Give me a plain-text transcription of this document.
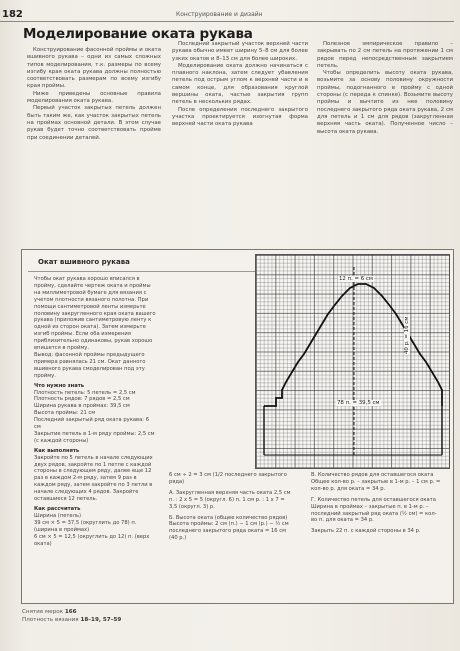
182	Конструирование и дизайн
Моделирование оката рукава

Конструирование фасонной проймы и оката вшивного рукава – одни из самых сложных типов моделирования, т.к. размеры по всему изгибу края оката рукава должны полностью соответствовать размерам по всему изгибу края проймы.

Ниже приведены основные правила моделирования оката рукава.

Первый участок закрытых петель должен быть таким же, как участок закрытых петель на проймах основной детали. В этом случае рукав будет точно соответствовать пройме при соединении деталей.

Последний закрытый участок верхней части рукава обычно имеет ширину 5–8 см для более узких окатов и 8–13 см для более широких.

Моделирование оката должно начинаться с плавного наклона, затем следует убавления петель под острым углом к верхней части и в самом конце, для образования круглой вершины оката, частые закрытия групп петель в нескольких рядах.

После определения последнего закрытого участка проектируется изогнутая форма верхней части оката рукава

Полезное эмпирическое правило – закрывать по 2 см петель на протяжении 1 см рядов перед непосредственным закрытием петель.

Чтобы определить высоту оката рукава, возьмите за основу половину окружности проймы, подогнанного в пройму с одной стороны (с переда к спинке). Возьмите высоту проймы и вычтите из нее половину последнего закрытого ряда оката рукава, 2 см для петель и 1 см для рядов (закругленная верхняя часть оката). Полученное число – высота оката рукава.

Окат вшивного рукава

Чтобы окат рукава хорошо вписался в пройму, сделайте чертеж оката и проймы на миллиметровой бумаге для вязания с учетом плотности вязаного полотна. При помощи сантиметровой ленты измерьте половину закругленного края оката вашего рукава (приложив сантиметровую ленту к одной из сторон оката). Затем измерьте изгиб проймы. Если оба измерения приблизительно одинаковы, рукав хорошо впишется в пройму.

Вывод: фасонной проймы предыдущего примера равнялась 21 см. Окат данного вшивного рукава смоделирован под эту пройму.

Что нужно знать

Плотность петель: 5 петель = 2,5 см

Плотность рядов: 7 рядов = 2,5 см

Ширина рукава в проймах: 39,5 см

Высота проймы: 21 см

Последний закрытый ряд оката рукава: 6 см

Закрытие петель в 1-м ряду проймы: 2,5 см (с каждой стороны)

Как выполнять

Закройте по 5 петель в начале следующих двух рядов, закройте по 1 петле с каждой стороны в следующем ряду, далее еще 12 раз в каждом 2-м ряду, затем 9 раз в каждом ряду, затем закройте по 3 петли в начале следующих 4 рядов. Закройте оставшиеся 12 петель.

Как рассчитать

Ширина (петель)

39 см × 5 = 37,5 (округлить до 78) п. (ширина в проймах)

6 см × 5 = 12,5 (округлить до 12) п. (верх оката)

6 см ÷ 2 = 3 см (1/2 последнего закрытого ряда)

А. Закругленная верхняя часть оката 2,5 см п. : 2 х 5 = 5 (округл. 6) п. 1 см р. : 1 х 7 = 3,5 (округл. 3) р.

Б. Высота оката (общее количество рядов) Высота проймы: 2 см (п.) − 1 см (р.) − ½ см последнего закрытого ряда оката = 16 см (40 р.)

В. Количество рядов для оставшегося оката Общее кол-во р. – закрытые в 1-м р. – 1 см р. = кол-во р. для оката = 34 р.

Г. Количество петель для оставшегося оката Ширина в проймах – закрытые п. в 1-м р. – последний закрытый ряд оката (½ см) = кол-во п. для оката = 34 р.

Закрыть 22 п. с каждой стороны в 34 р.

12 п. = 6 см
40 р. = 16 см
78 п. = 39,5 см
Снятие мерок 166
Плотность вязания 18–19, 57–59
